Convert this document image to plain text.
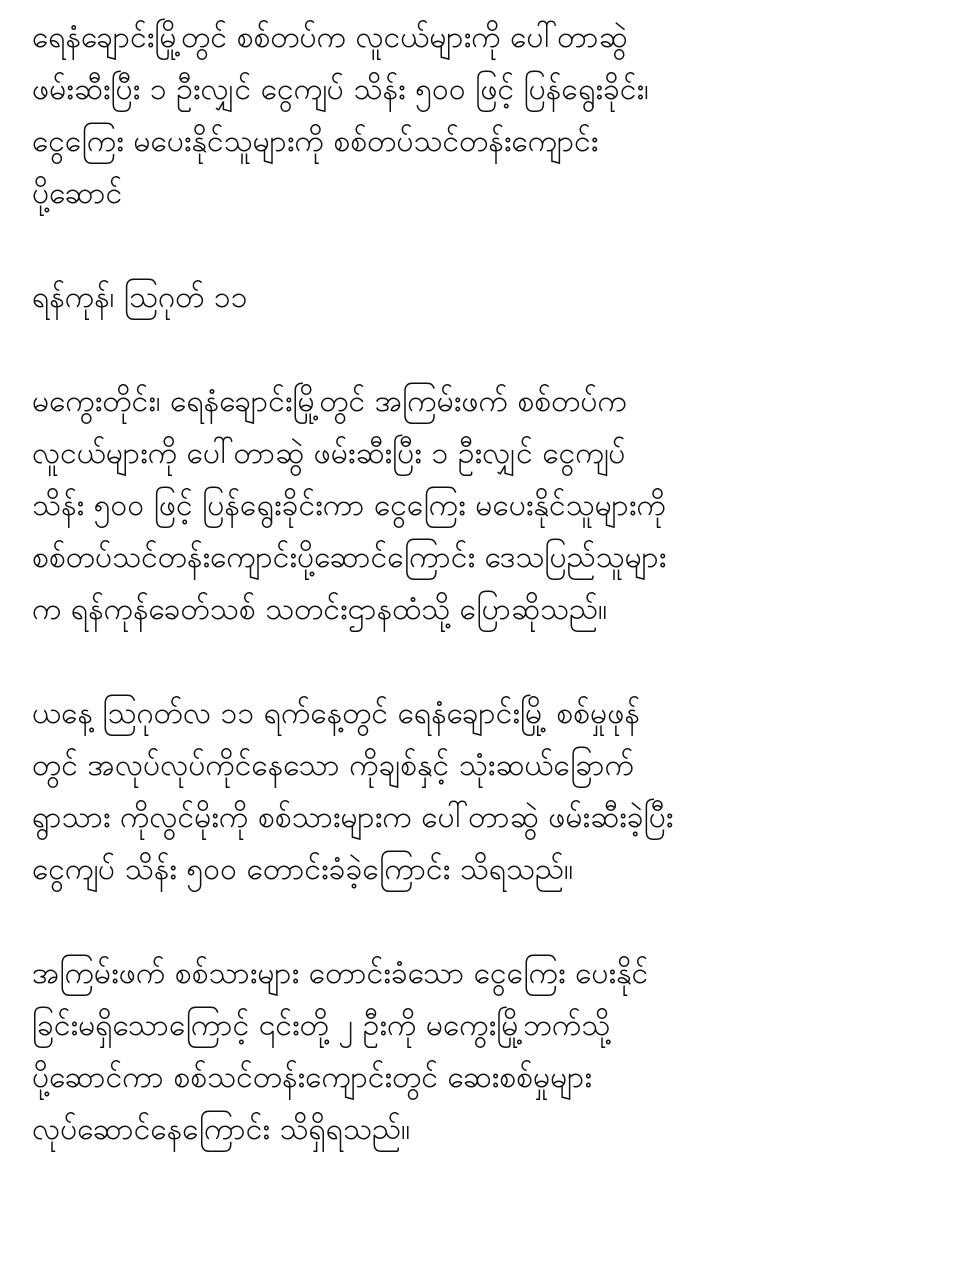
ရေနံချောင်းမြို့တွင် စစ်တပ်က လူငယ်များကို ပေါ်တာဆွဲ
ဖမ်းဆီးပြီး ၁ ဦးလျှင် ငွေကျပ် သိန်း ၅၀၀ ဖြင့် ပြန်ရွေးခိုင်း၊
ငွေကြေး မပေးနိုင်သူများကို စစ်တပ်သင်တန်းကျောင်း
ပို့ဆောင်

ရန်ကုန်၊ ဩဂုတ် ၁၁

မကွေးတိုင်း၊ ရေနံချောင်းမြို့တွင် အကြမ်းဖက် စစ်တပ်က
လူငယ်များကို ပေါ်တာဆွဲ ဖမ်းဆီးပြီး ၁ ဦးလျှင် ငွေကျပ်
သိန်း ၅၀၀ ဖြင့် ပြန်ရွေးခိုင်းကာ ငွေကြေး မပေးနိုင်သူများကို
စစ်တပ်သင်တန်းကျောင်းပို့ဆောင်ကြောင်း ဒေသပြည်သူများ
က ရန်ကုန်ခေတ်သစ် သတင်းဌာနထံသို့ ပြောဆိုသည်။

ယနေ့ ဩဂုတ်လ ၁၁ ရက်နေ့တွင် ရေနံချောင်းမြို့ စစ်မှုဖုန်
တွင် အလုပ်လုပ်ကိုင်နေသော ကိုချစ်နှင့် သုံးဆယ်ခြောက်
ရွာသား ကိုလွင်မိုးကို စစ်သားများက ပေါ်တာဆွဲ ဖမ်းဆီးခဲ့ပြီး
ငွေကျပ် သိန်း ၅၀၀ တောင်းခံခဲ့ကြောင်း သိရသည်။

အကြမ်းဖက် စစ်သားများ တောင်းခံသော ငွေကြေး ပေးနိုင်
ခြင်းမရှိသောကြောင့် ၎င်းတို့ ၂ ဦးကို မကွေးမြို့ဘက်သို့
ပို့ဆောင်ကာ စစ်သင်တန်းကျောင်းတွင် ဆေးစစ်မှုများ
လုပ်ဆောင်နေကြောင်း သိရှိရသည်။
